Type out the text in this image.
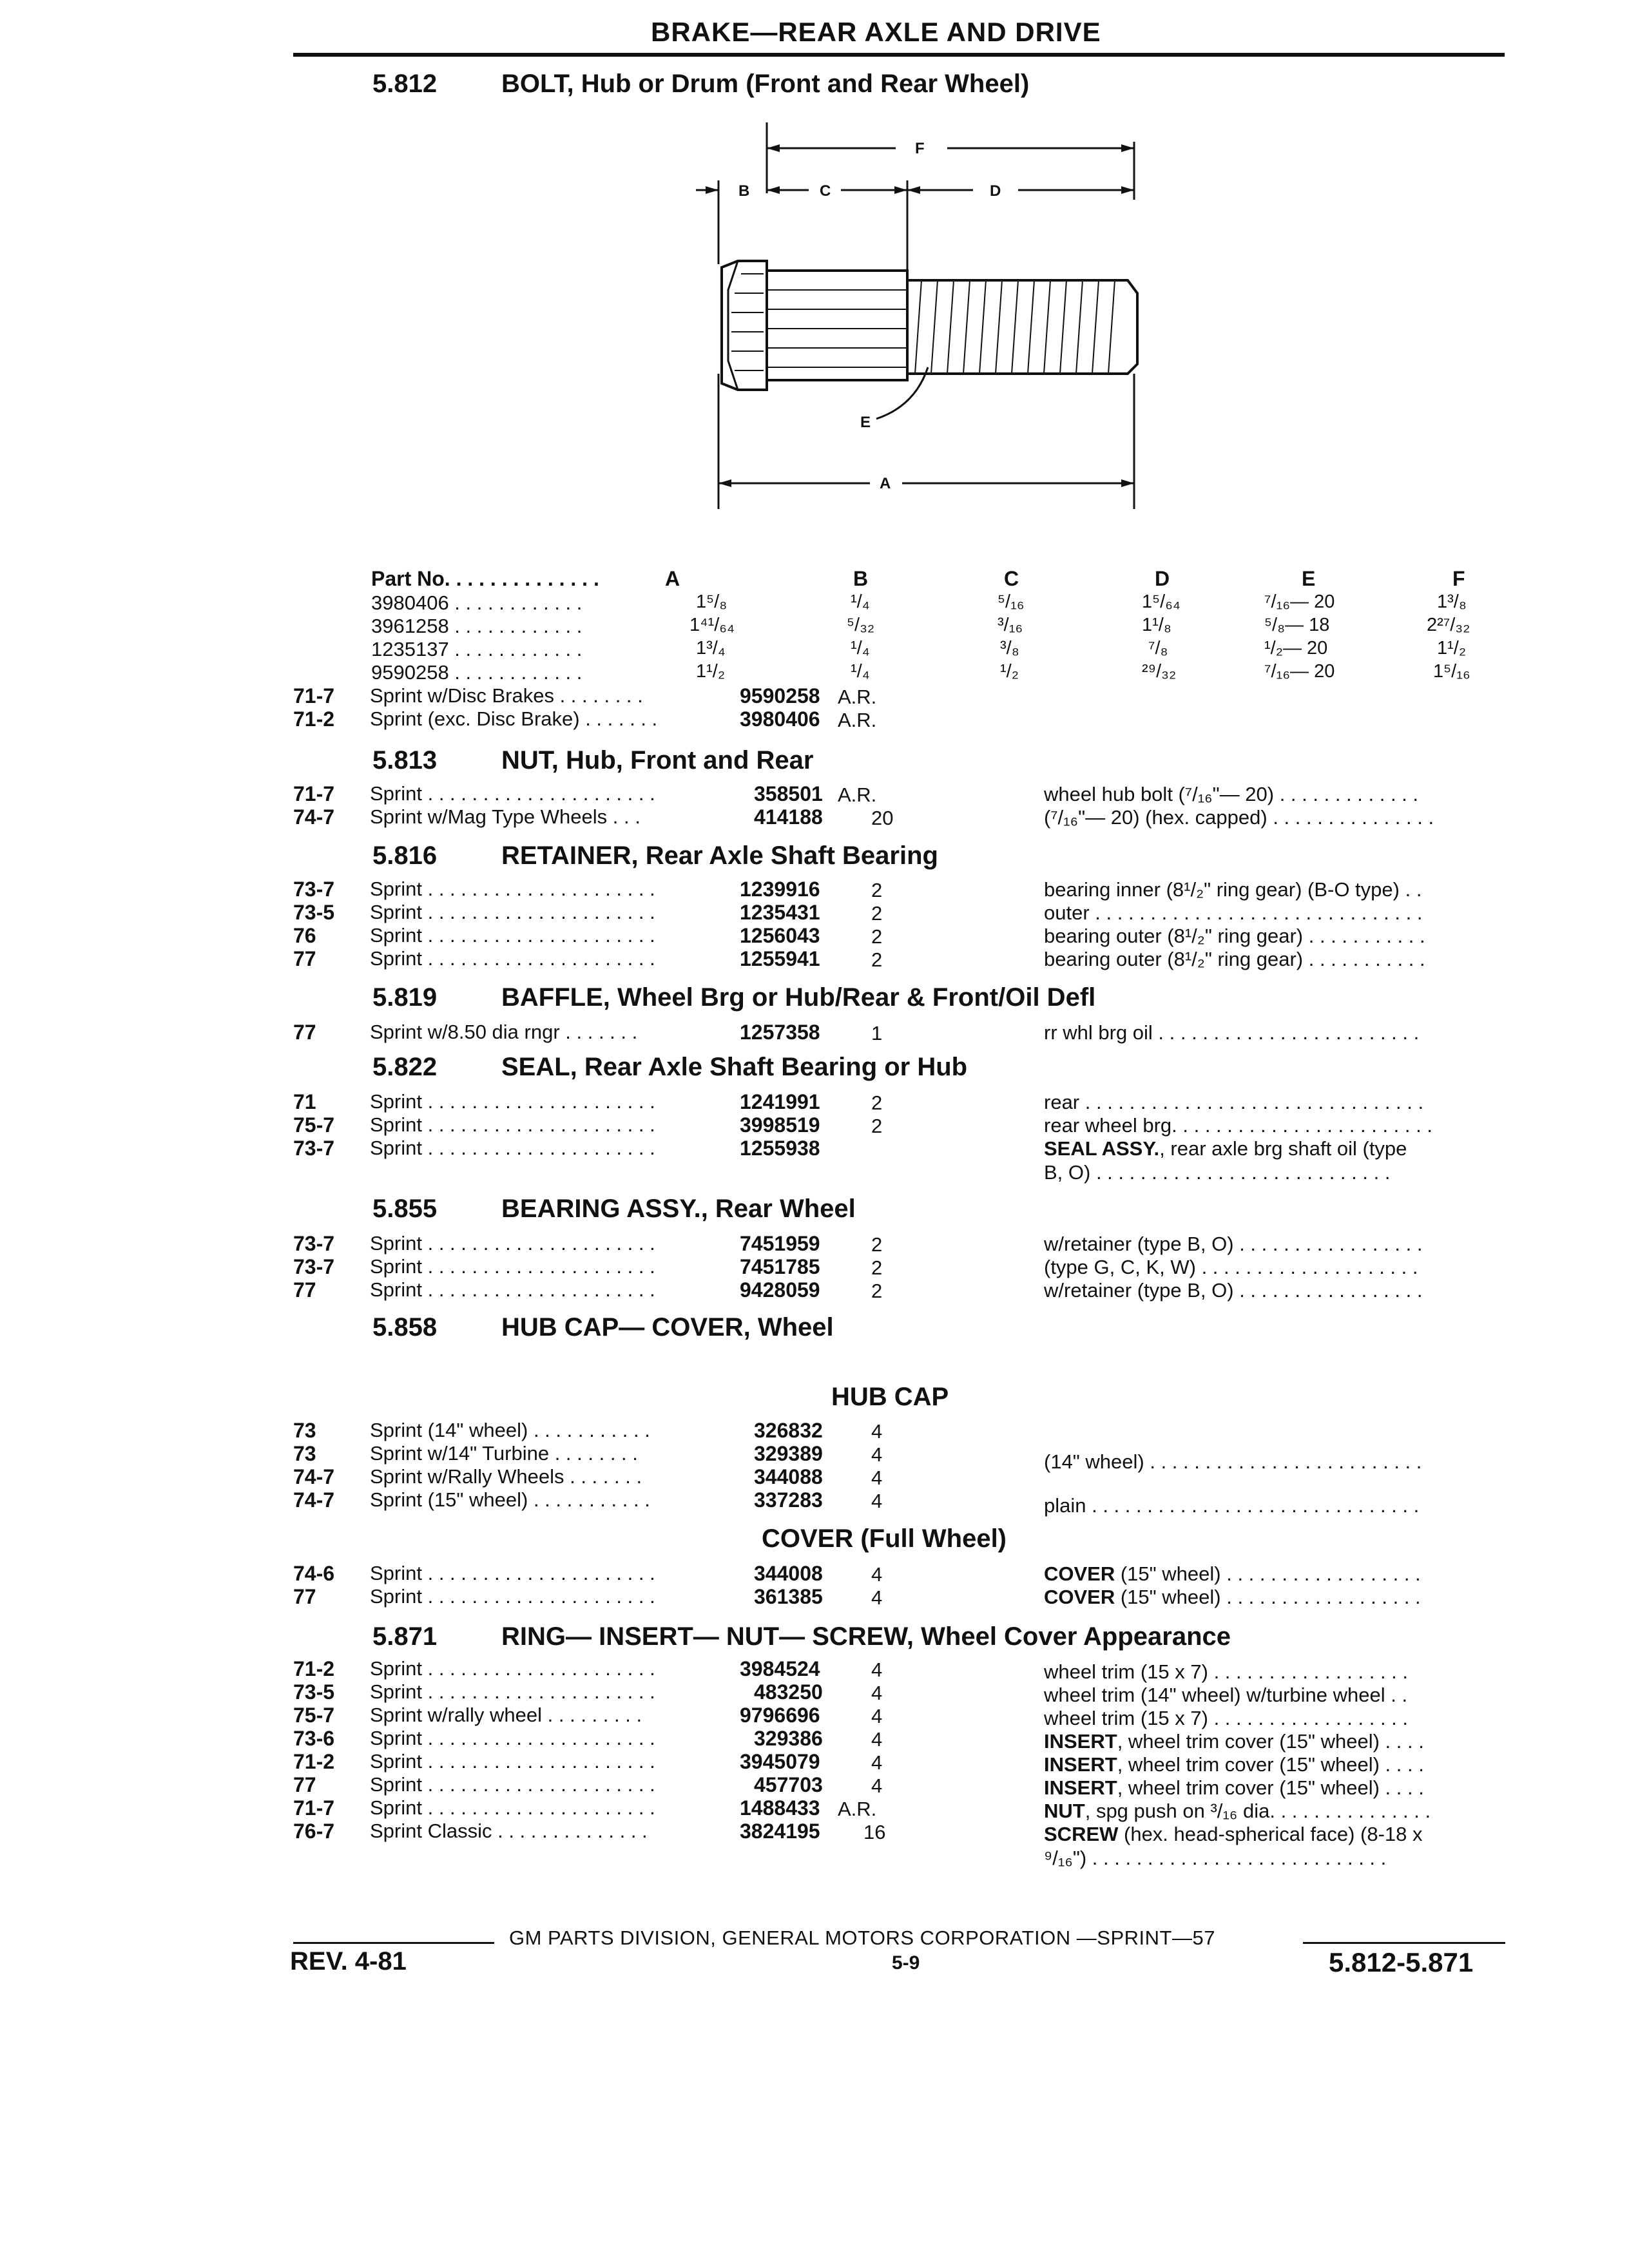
BRAKE—REAR AXLE AND DRIVE
5.812 BOLT, Hub or Drum (Front and Rear Wheel)
F
B	C	D
E
A
Part No. . . . . . . . . . . . . .	A	B	C	D	E	F
3980406 . . . . . . . . . . . .	1⁵/₈	¹/₄	⁵/₁₆	1⁵/₆₄	⁷/₁₆— 20	1³/₈
3961258 . . . . . . . . . . . .	1⁴¹/₆₄	⁵/₃₂	³/₁₆	1¹/₈	⁵/₈— 18	2²⁷/₃₂
1235137 . . . . . . . . . . . .	1³/₄	¹/₄	³/₈	⁷/₈	¹/₂— 20	1¹/₂
9590258 . . . . . . . . . . . .	1¹/₂	¹/₄	¹/₂	²⁹/₃₂	⁷/₁₆— 20	1⁵/₁₆
71-7 Sprint w/Disc Brakes . . . . . . . .	9590258 A.R.
71-2 Sprint (exc. Disc Brake) . . . . . . .	3980406 A.R.
5.813 NUT, Hub, Front and Rear
71-7 Sprint . . . . . . . . . . . . . . . . . . . . .	358501 A.R.	wheel hub bolt (⁷/₁₆"— 20) . . . . . . . . . . . . .
74-7 Sprint w/Mag Type Wheels . . .	414188 20	(⁷/₁₆"— 20) (hex. capped) . . . . . . . . . . . . . . .
5.816 RETAINER, Rear Axle Shaft Bearing
73-7 Sprint . . . . . . . . . . . . . . . . . . . . .	1239916	2	bearing inner (8¹/₂" ring gear) (B-O type) . .
73-5 Sprint . . . . . . . . . . . . . . . . . . . . .	1235431	2	outer . . . . . . . . . . . . . . . . . . . . . . . . . . . . . .
76	Sprint . . . . . . . . . . . . . . . . . . . . .	1256043	2	bearing outer (8¹/₂" ring gear) . . . . . . . . . . .
77	Sprint . . . . . . . . . . . . . . . . . . . . .	1255941	2	bearing outer (8¹/₂" ring gear) . . . . . . . . . . .
5.819 BAFFLE, Wheel Brg or Hub/Rear & Front/Oil Defl
77	Sprint w/8.50 dia rngr . . . . . . .	1257358	1	rr whl brg oil . . . . . . . . . . . . . . . . . . . . . . . .
5.822 SEAL, Rear Axle Shaft Bearing or Hub
71	Sprint . . . . . . . . . . . . . . . . . . . . .	1241991	2	rear . . . . . . . . . . . . . . . . . . . . . . . . . . . . . . .
75-7 Sprint . . . . . . . . . . . . . . . . . . . . .	3998519	2	rear wheel brg. . . . . . . . . . . . . . . . . . . . . . . .
73-7 Sprint . . . . . . . . . . . . . . . . . . . . .	1255938	SEAL ASSY., rear axle brg shaft oil (type
B, O) . . . . . . . . . . . . . . . . . . . . . . . . . . .
5.855 BEARING ASSY., Rear Wheel
73-7 Sprint . . . . . . . . . . . . . . . . . . . . .	7451959	2	w/retainer (type B, O) . . . . . . . . . . . . . . . . .
73-7 Sprint . . . . . . . . . . . . . . . . . . . . .	7451785	2	(type G, C, K, W) . . . . . . . . . . . . . . . . . . . .
77	Sprint . . . . . . . . . . . . . . . . . . . . .	9428059	2	w/retainer (type B, O) . . . . . . . . . . . . . . . . .
5.858 HUB CAP— COVER, Wheel
HUB CAP
73	Sprint (14" wheel) . . . . . . . . . . .	326832 4
73	Sprint w/14" Turbine . . . . . . . .	329389 4	(14" wheel) . . . . . . . . . . . . . . . . . . . . . . . . .
74-7 Sprint w/Rally Wheels . . . . . . .	344088 4
74-7 Sprint (15" wheel) . . . . . . . . . . .	337283 4	plain . . . . . . . . . . . . . . . . . . . . . . . . . . . . . .
COVER (Full Wheel)
74-6 Sprint . . . . . . . . . . . . . . . . . . . . .	344008 4	COVER (15" wheel) . . . . . . . . . . . . . . . . . .
77	Sprint . . . . . . . . . . . . . . . . . . . . .	361385 4	COVER (15" wheel) . . . . . . . . . . . . . . . . . .
5.871 RING— INSERT— NUT— SCREW, Wheel Cover Appearance
71-2 Sprint . . . . . . . . . . . . . . . . . . . . .	3984524	4	wheel trim (15 x 7) . . . . . . . . . . . . . . . . . .
73-5 Sprint . . . . . . . . . . . . . . . . . . . . .	483250 4	wheel trim (14" wheel) w/turbine wheel . .
75-7 Sprint w/rally wheel . . . . . . . . .	9796696	4	wheel trim (15 x 7) . . . . . . . . . . . . . . . . . .
73-6 Sprint . . . . . . . . . . . . . . . . . . . . .	329386 4	INSERT, wheel trim cover (15" wheel) . . . .
71-2 Sprint . . . . . . . . . . . . . . . . . . . . .	3945079	4	INSERT, wheel trim cover (15" wheel) . . . .
77	Sprint . . . . . . . . . . . . . . . . . . . . .	457703 4	INSERT, wheel trim cover (15" wheel) . . . .
71-7 Sprint . . . . . . . . . . . . . . . . . . . . .	1488433 A.R.	NUT, spg push on ³/₁₆ dia. . . . . . . . . . . . . . .
76-7 Sprint Classic . . . . . . . . . . . . . .	3824195 16	SCREW (hex. head-spherical face) (8-18 x
⁹/₁₆") . . . . . . . . . . . . . . . . . . . . . . . . . . .
GM PARTS DIVISION, GENERAL MOTORS CORPORATION —SPRINT—57
REV. 4-81	5-9	5.812-5.871
